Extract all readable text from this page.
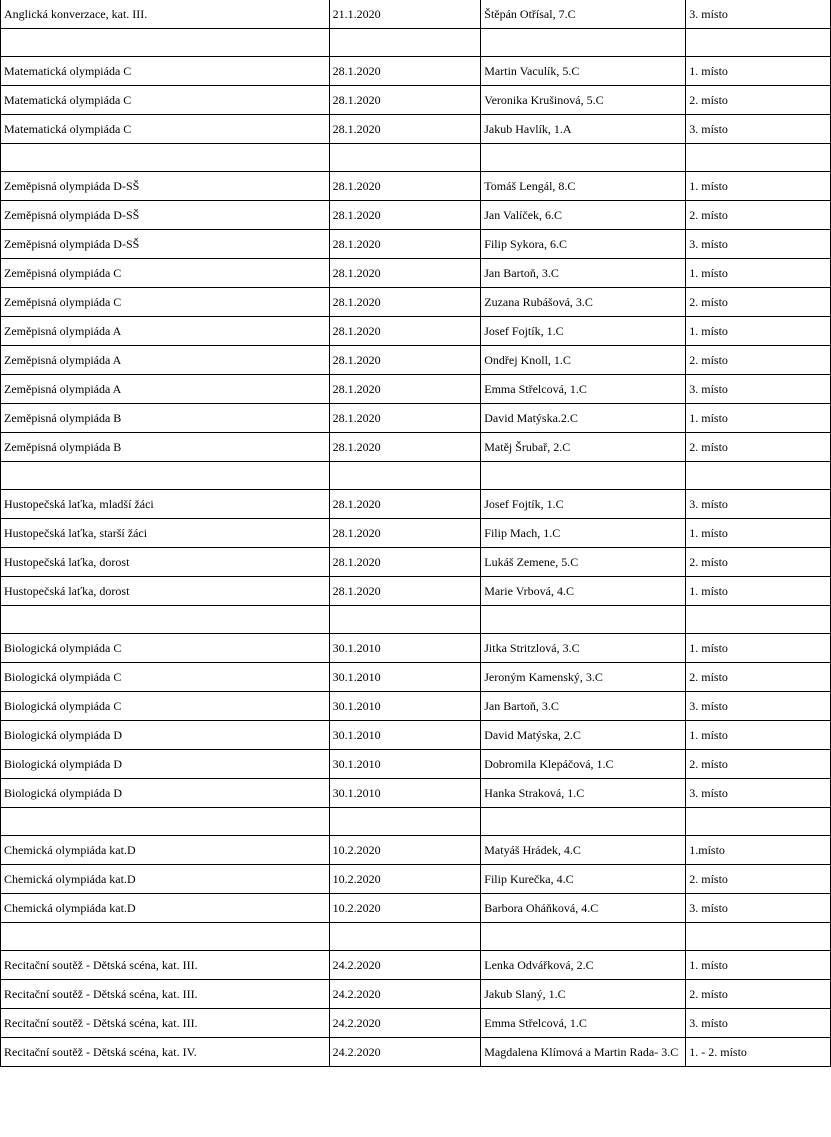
Anglická konverzace, kat. III.	21.1.2020	Štěpán Otřísal, 7.C	3. místo

Matematická olympiáda C	28.1.2020	Martin Vaculík, 5.C	1. místo
Matematická olympiáda C	28.1.2020	Veronika Krušinová, 5.C	2. místo
Matematická olympiáda C	28.1.2020	Jakub Havlík, 1.A	3. místo

Zeměpisná olympiáda D-SŠ	28.1.2020	Tomáš Lengál, 8.C	1. místo
Zeměpisná olympiáda D-SŠ	28.1.2020	Jan Valíček, 6.C	2. místo
Zeměpisná olympiáda D-SŠ	28.1.2020	Filip Sykora, 6.C	3. místo
Zeměpisná olympiáda C	28.1.2020	Jan Bartoň, 3.C	1. místo
Zeměpisná olympiáda C	28.1.2020	Zuzana Rubášová, 3.C	2. místo
Zeměpisná olympiáda A	28.1.2020	Josef Fojtík, 1.C	1. místo
Zeměpisná olympiáda A	28.1.2020	Ondřej Knoll, 1.C	2. místo
Zeměpisná olympiáda A	28.1.2020	Emma Střelcová, 1.C	3. místo
Zeměpisná olympiáda B	28.1.2020	David Matýska.2.C	1. místo
Zeměpisná olympiáda B	28.1.2020	Matěj Šrubař, 2.C	2. místo

Hustopečská laťka, mladší žáci	28.1.2020	Josef Fojtík, 1.C	3. místo
Hustopečská laťka, starší žáci	28.1.2020	Filip Mach, 1.C	1. místo
Hustopečská laťka, dorost	28.1.2020	Lukáš Zemene, 5.C	2. místo
Hustopečská laťka, dorost	28.1.2020	Marie Vrbová, 4.C	1. místo

Biologická olympiáda C	30.1.2010	Jitka Stritzlová, 3.C	1. místo
Biologická olympiáda C	30.1.2010	Jeroným Kamenský, 3.C	2. místo
Biologická olympiáda C	30.1.2010	Jan Bartoň, 3.C	3. místo
Biologická olympiáda D	30.1.2010	David Matýska, 2.C	1. místo
Biologická olympiáda D	30.1.2010	Dobromila Klepáčová, 1.C	2. místo
Biologická olympiáda D	30.1.2010	Hanka Straková, 1.C	3. místo

Chemická olympiáda kat.D	10.2.2020	Matyáš Hrádek, 4.C	1.místo
Chemická olympiáda kat.D	10.2.2020	Filip Kurečka, 4.C	2. místo
Chemická olympiáda kat.D	10.2.2020	Barbora Oháňková, 4.C	3. místo

Recitační soutěž - Dětská scéna, kat. III.	24.2.2020	Lenka Odvářková, 2.C	1. místo
Recitační soutěž - Dětská scéna, kat. III.	24.2.2020	Jakub Slaný, 1.C	2. místo
Recitační soutěž - Dětská scéna, kat. III.	24.2.2020	Emma Střelcová, 1.C	3. místo
Recitační soutěž - Dětská scéna, kat. IV.	24.2.2020	Magdalena Klímová a Martin Rada- 3.C	1. - 2. místo
